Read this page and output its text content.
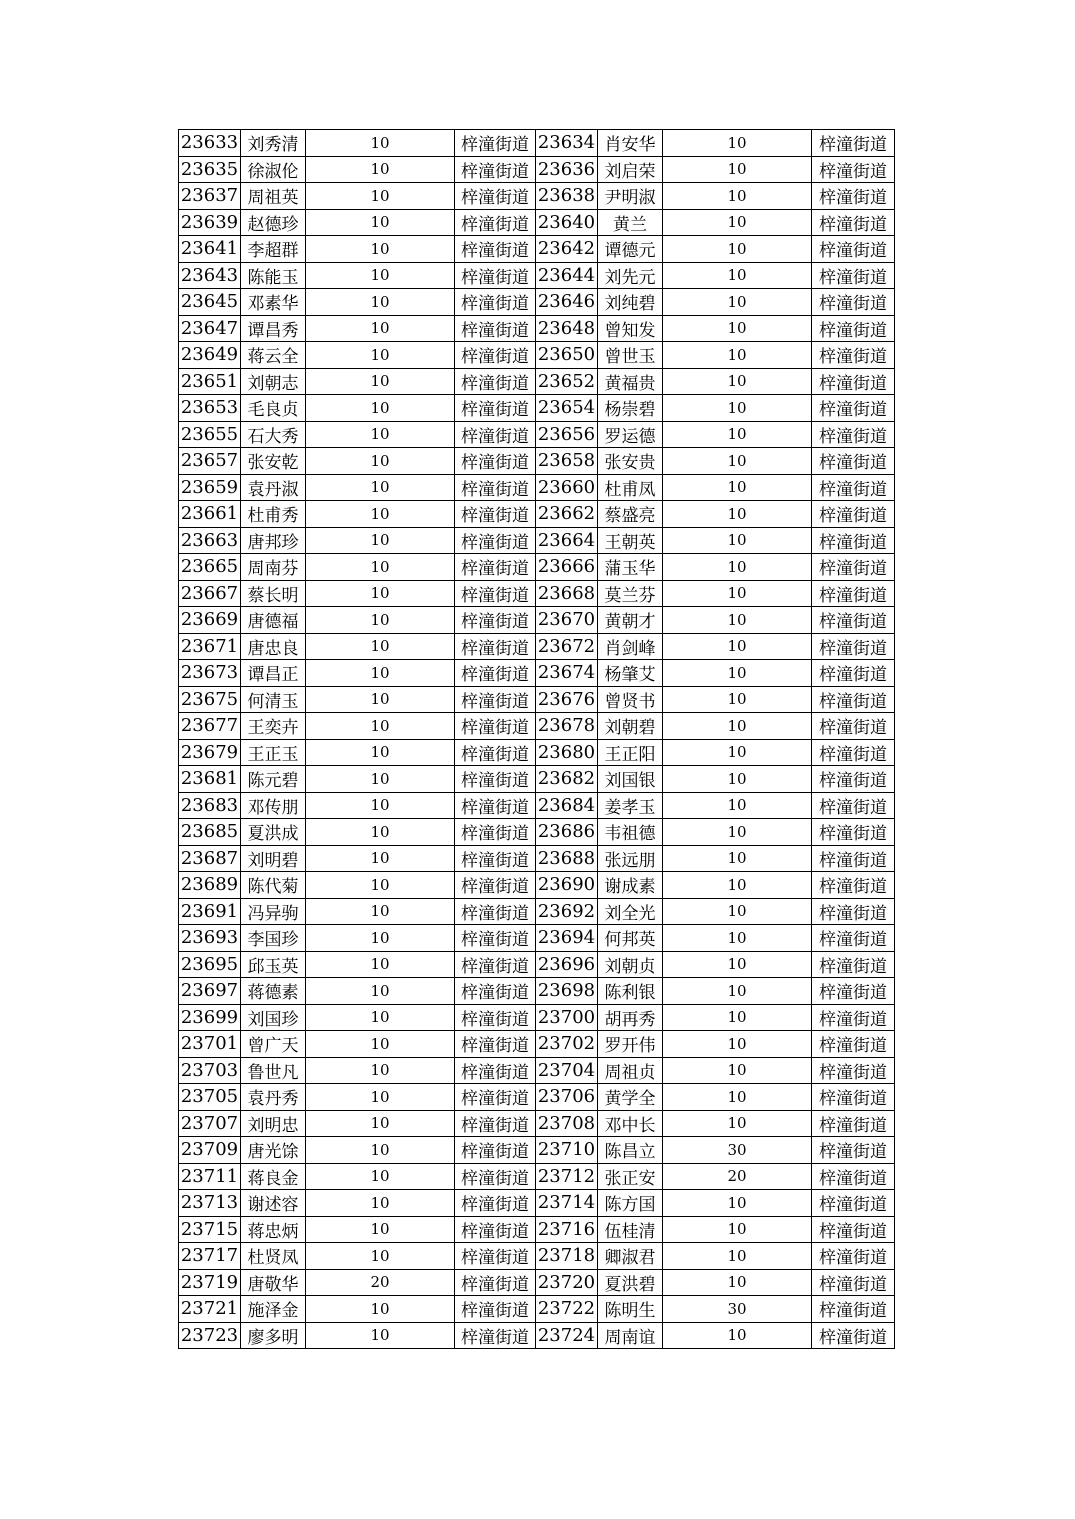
23633	刘秀清	10	梓潼街道	23634	肖安华	10	梓潼街道
23635	徐淑伦	10	梓潼街道	23636	刘启荣	10	梓潼街道
23637	周祖英	10	梓潼街道	23638	尹明淑	10	梓潼街道
23639	赵德珍	10	梓潼街道	23640	黄兰	10	梓潼街道
23641	李超群	10	梓潼街道	23642	谭德元	10	梓潼街道
23643	陈能玉	10	梓潼街道	23644	刘先元	10	梓潼街道
23645	邓素华	10	梓潼街道	23646	刘纯碧	10	梓潼街道
23647	谭昌秀	10	梓潼街道	23648	曾知发	10	梓潼街道
23649	蒋云全	10	梓潼街道	23650	曾世玉	10	梓潼街道
23651	刘朝志	10	梓潼街道	23652	黄福贵	10	梓潼街道
23653	毛良贞	10	梓潼街道	23654	杨崇碧	10	梓潼街道
23655	石大秀	10	梓潼街道	23656	罗运德	10	梓潼街道
23657	张安乾	10	梓潼街道	23658	张安贵	10	梓潼街道
23659	袁丹淑	10	梓潼街道	23660	杜甫凤	10	梓潼街道
23661	杜甫秀	10	梓潼街道	23662	蔡盛亮	10	梓潼街道
23663	唐邦珍	10	梓潼街道	23664	王朝英	10	梓潼街道
23665	周南芬	10	梓潼街道	23666	蒲玉华	10	梓潼街道
23667	蔡长明	10	梓潼街道	23668	莫兰芬	10	梓潼街道
23669	唐德福	10	梓潼街道	23670	黄朝才	10	梓潼街道
23671	唐忠良	10	梓潼街道	23672	肖剑峰	10	梓潼街道
23673	谭昌正	10	梓潼街道	23674	杨肇艾	10	梓潼街道
23675	何清玉	10	梓潼街道	23676	曾贤书	10	梓潼街道
23677	王奕卉	10	梓潼街道	23678	刘朝碧	10	梓潼街道
23679	王正玉	10	梓潼街道	23680	王正阳	10	梓潼街道
23681	陈元碧	10	梓潼街道	23682	刘国银	10	梓潼街道
23683	邓传朋	10	梓潼街道	23684	姜孝玉	10	梓潼街道
23685	夏洪成	10	梓潼街道	23686	韦祖德	10	梓潼街道
23687	刘明碧	10	梓潼街道	23688	张远朋	10	梓潼街道
23689	陈代菊	10	梓潼街道	23690	谢成素	10	梓潼街道
23691	冯异驹	10	梓潼街道	23692	刘全光	10	梓潼街道
23693	李国珍	10	梓潼街道	23694	何邦英	10	梓潼街道
23695	邱玉英	10	梓潼街道	23696	刘朝贞	10	梓潼街道
23697	蒋德素	10	梓潼街道	23698	陈利银	10	梓潼街道
23699	刘国珍	10	梓潼街道	23700	胡再秀	10	梓潼街道
23701	曾广天	10	梓潼街道	23702	罗开伟	10	梓潼街道
23703	鲁世凡	10	梓潼街道	23704	周祖贞	10	梓潼街道
23705	袁丹秀	10	梓潼街道	23706	黄学全	10	梓潼街道
23707	刘明忠	10	梓潼街道	23708	邓中长	10	梓潼街道
23709	唐光馀	10	梓潼街道	23710	陈昌立	30	梓潼街道
23711	蒋良金	10	梓潼街道	23712	张正安	20	梓潼街道
23713	谢述容	10	梓潼街道	23714	陈方国	10	梓潼街道
23715	蒋忠炳	10	梓潼街道	23716	伍桂清	10	梓潼街道
23717	杜贤凤	10	梓潼街道	23718	卿淑君	10	梓潼街道
23719	唐敬华	20	梓潼街道	23720	夏洪碧	10	梓潼街道
23721	施泽金	10	梓潼街道	23722	陈明生	30	梓潼街道
23723	廖多明	10	梓潼街道	23724	周南谊	10	梓潼街道
